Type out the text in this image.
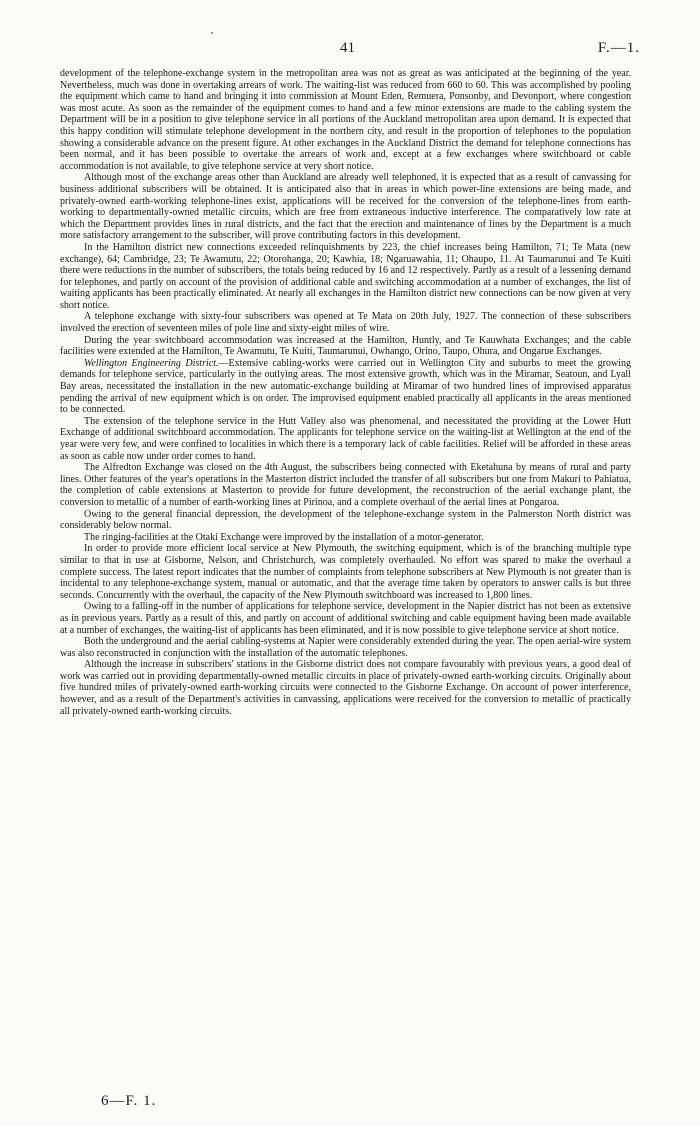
41	F.—1.

development of the telephone-exchange system in the metropolitan area was not as great as was anticipated at the beginning of the year. Nevertheless, much was done in overtaking arrears of work. The waiting-list was reduced from 660 to 60. This was accomplished by pooling the equipment which came to hand and bringing it into commission at Mount Eden, Remuera, Ponsonby, and Devonport, where congestion was most acute. As soon as the remainder of the equipment comes to hand and a few minor extensions are made to the cabling system the Department will be in a position to give telephone service in all portions of the Auckland metropolitan area upon demand. It is expected that this happy condition will stimulate telephone development in the northern city, and result in the proportion of telephones to the population showing a considerable advance on the present figure. At other exchanges in the Auckland District the demand for telephone connections has been normal, and it has been possible to overtake the arrears of work and, except at a few exchanges where switchboard or cable accommodation is not available, to give telephone service at very short notice.

Although most of the exchange areas other than Auckland are already well telephoned, it is expected that as a result of canvassing for business additional subscribers will be obtained. It is anticipated also that in areas in which power-line extensions are being made, and privately-owned earth-working telephone-lines exist, applications will be received for the conversion of the telephone-lines from earth-working to departmentally-owned metallic circuits, which are free from extraneous inductive interference. The comparatively low rate at which the Department provides lines in rural districts, and the fact that the erection and maintenance of lines by the Department is a much more satisfactory arrangement to the subscriber, will prove contributing factors in this development.

In the Hamilton district new connections exceeded relinquishments by 223, the chief increases being Hamilton, 71; Te Mata (new exchange), 64; Cambridge, 23; Te Awamutu, 22; Otorohanga, 20; Kawhia, 18; Ngaruawahia, 11; Ohaupo, 11. At Taumarunui and Te Kuiti there were reductions in the number of subscribers, the totals being reduced by 16 and 12 respectively. Partly as a result of a lessening demand for telephones, and partly on account of the provision of additional cable and switching accommodation at a number of exchanges, the list of waiting applicants has been practically eliminated. At nearly all exchanges in the Hamilton district new connections can be now given at very short notice.

A telephone exchange with sixty-four subscribers was opened at Te Mata on 20th July, 1927. The connection of these subscribers involved the erection of seventeen miles of pole line and sixty-eight miles of wire.

During the year switchboard accommodation was increased at the Hamilton, Huntly, and Te Kauwhata Exchanges; and the cable facilities were extended at the Hamilton, Te Awamutu, Te Kuiti, Taumarunui, Owhango, Orino, Taupo, Ohura, and Ongarue Exchanges.

Wellington Engineering District.—Extensive cabling-works were carried out in Wellington City and suburbs to meet the growing demands for telephone service, particularly in the outlying areas. The most extensive growth, which was in the Miramar, Seatoun, and Lyall Bay areas, necessitated the installation in the new automatic-exchange building at Miramar of two hundred lines of improvised apparatus pending the arrival of new equipment which is on order. The improvised equipment enabled practically all applicants in the areas mentioned to be connected.

The extension of the telephone service in the Hutt Valley also was phenomenal, and necessitated the providing at the Lower Hutt Exchange of additional switchboard accommodation. The applicants for telephone service on the waiting-list at Wellington at the end of the year were very few, and were confined to localities in which there is a temporary lack of cable facilities. Relief will be afforded in these areas as soon as cable now under order comes to hand.

The Alfredton Exchange was closed on the 4th August, the subscribers being connected with Eketahuna by means of rural and party lines. Other features of the year's operations in the Masterton district included the transfer of all subscribers but one from Makuri to Pahiatua, the completion of cable extensions at Masterton to provide for future development, the reconstruction of the aerial exchange plant, the conversion to metallic of a number of earth-working lines at Pirinoa, and a complete overhaul of the aerial lines at Pongaroa.

Owing to the general financial depression, the development of the telephone-exchange system in the Palmerston North district was considerably below normal.

The ringing-facilities at the Otaki Exchange were improved by the installation of a motor-generator.

In order to provide more efficient local service at New Plymouth, the switching equipment, which is of the branching multiple type similar to that in use at Gisborne, Nelson, and Christchurch, was completely overhauled. No effort was spared to make the overhaul a complete success. The latest report indicates that the number of complaints from telephone subscribers at New Plymouth is not greater than is incidental to any telephone-exchange system, manual or automatic, and that the average time taken by operators to answer calls is but three seconds. Concurrently with the overhaul, the capacity of the New Plymouth switchboard was increased to 1,800 lines.

Owing to a falling-off in the number of applications for telephone service, development in the Napier district has not been as extensive as in previous years. Partly as a result of this, and partly on account of additional switching and cable equipment having been made available at a number of exchanges, the waiting-list of applicants has been eliminated, and it is now possible to give telephone service at short notice.

Both the underground and the aerial cabling-systems at Napier were considerably extended during the year. The open aerial-wire system was also reconstructed in conjunction with the installation of the automatic telephones.

Although the increase in subscribers' stations in the Gisborne district does not compare favourably with previous years, a good deal of work was carried out in providing departmentally-owned metallic circuits in place of privately-owned earth-working circuits. Originally about five hundred miles of privately-owned earth-working circuits were connected to the Gisborne Exchange. On account of power interference, however, and as a result of the Department's activities in canvassing, applications were received for the conversion to metallic of practically all privately-owned earth-working circuits.

6—F. 1.
